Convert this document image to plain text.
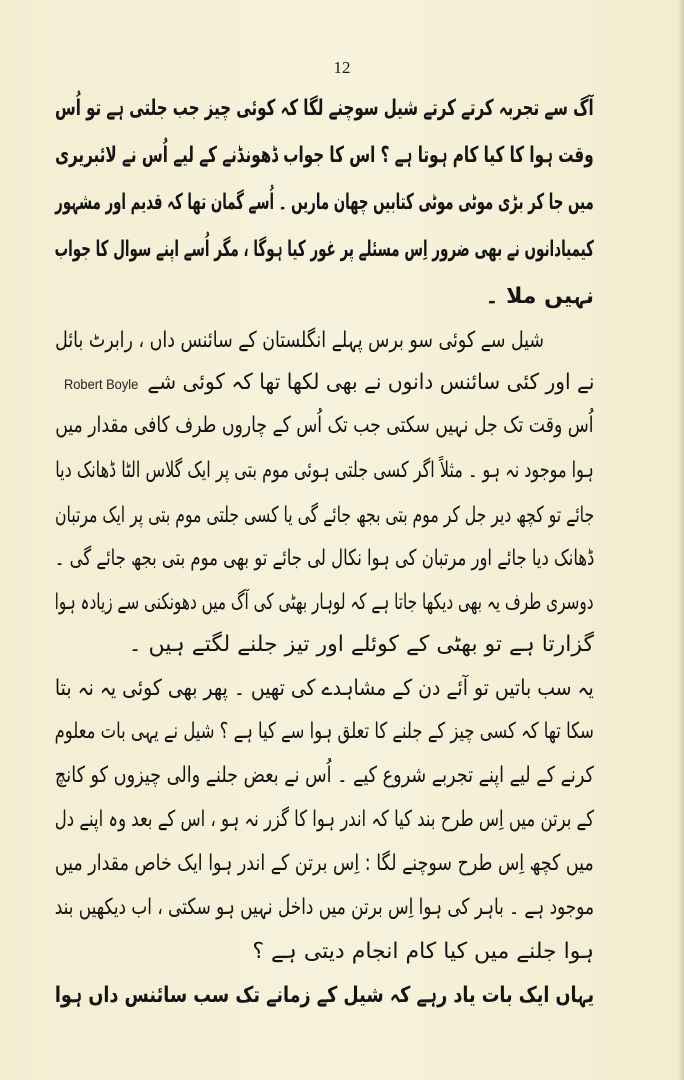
12
آگ سے تجربہ کرتے کرتے شیل سوچنے لگا کہ کوئی چیز جب جلتی ہے تو اُس
وقت ہوا کا کیا کام ہوتا ہے ؟ اس کا جواب ڈھونڈنے کے لیے اُس نے لائبریری
میں جا کر بڑی موٹی موٹی کتابیں چھان ماریں ۔ اُسے گمان تھا کہ قدیم اور مشہور
کیمیادانوں نے بھی ضرور اِس مسئلے پر غور کیا ہوگا ، مگر اُسے اپنے سوال کا جواب
نہیں ملا ۔
شیل سے کوئی سو برس پہلے انگلستان کے سائنس داں ، رابرٹ بائل
نے اور کئی سائنس دانوں نے بھی لکھا تھا کہ کوئی شےRobert Boyle
اُس وقت تک جل نہیں سکتی جب تک اُس کے چاروں طرف کافی مقدار میں
ہوا موجود نہ ہو ۔ مثلاً اگر کسی جلتی ہوئی موم بتی پر ایک گلاس الٹا ڈھانک دیا
جائے تو کچھ دیر جل کر موم بتی بجھ جائے گی یا کسی جلتی موم بتی پر ایک مرتبان
ڈھانک دیا جائے اور مرتبان کی ہوا نکال لی جائے تو بھی موم بتی بجھ جائے گی ۔
دوسری طرف یہ بھی دیکھا جاتا ہے کہ لوہار بھٹی کی آگ میں دھونکنی سے زیادہ ہوا
گزارتا ہے تو بھٹی کے کوئلے اور تیز جلنے لگتے ہیں ۔
یہ سب باتیں تو آئے دن کے مشاہدے کی تھیں ۔ پھر بھی کوئی یہ نہ بتا
سکا تھا کہ کسی چیز کے جلنے کا تعلق ہوا سے کیا ہے ؟ شیل نے یہی بات معلوم
کرنے کے لیے اپنے تجربے شروع کیے ۔ اُس نے بعض جلنے والی چیزوں کو کانچ
کے برتن میں اِس طرح بند کیا کہ اندر ہوا کا گزر نہ ہو ، اس کے بعد وہ اپنے دل
میں کچھ اِس طرح سوچنے لگا : اِس برتن کے اندر ہوا ایک خاص مقدار میں
موجود ہے ۔ باہر کی ہوا اِس برتن میں داخل نہیں ہو سکتی ، اب دیکھیں بند
ہوا جلنے میں کیا کام انجام دیتی ہے ؟
یہاں ایک بات یاد رہے کہ شیل کے زمانے تک سب سائنس داں ہوا
